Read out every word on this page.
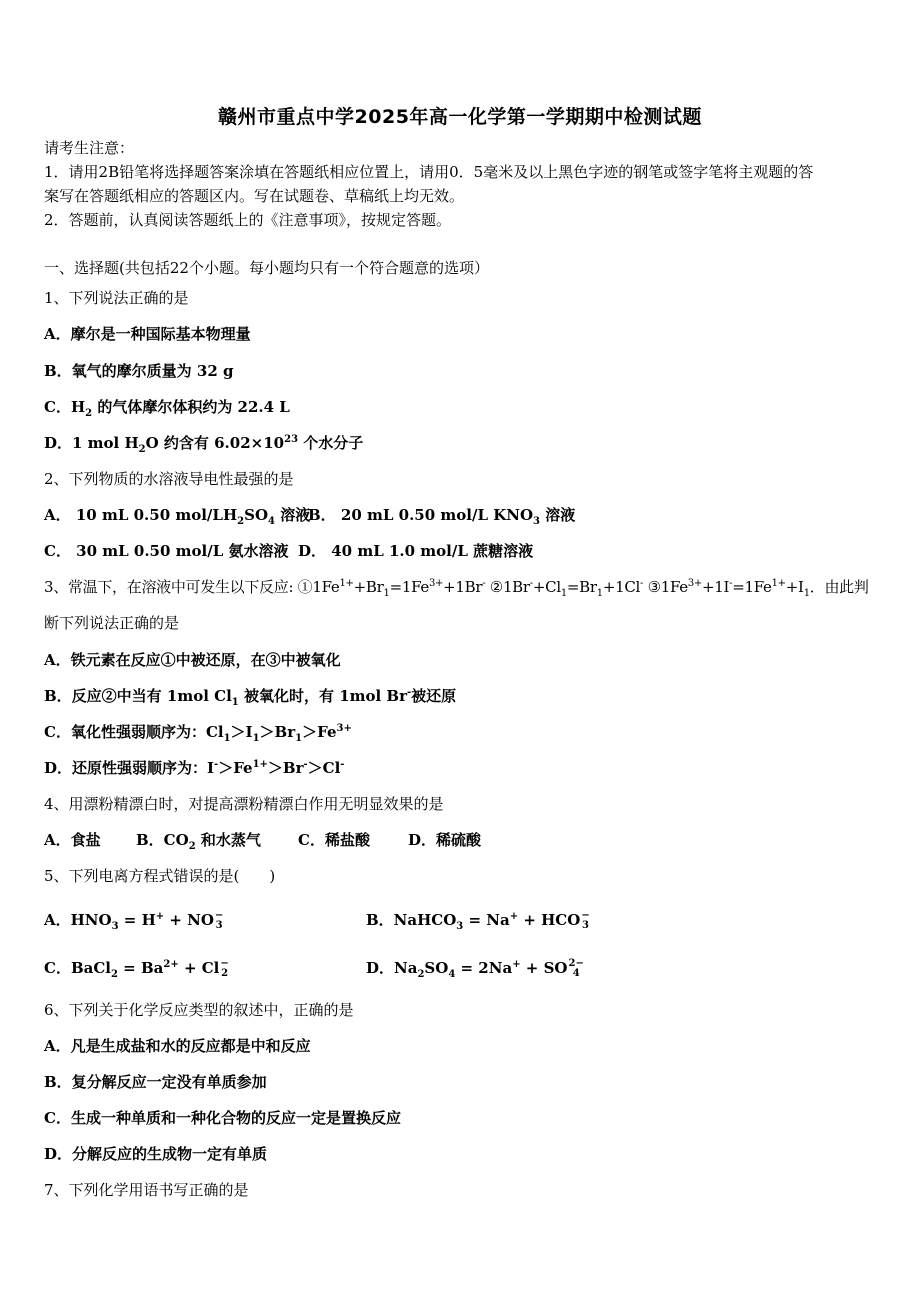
赣州市重点中学2025年高一化学第一学期期中检测试题
请考生注意：
1．请用2B铅笔将选择题答案涂填在答题纸相应位置上，请用0．5毫米及以上黑色字迹的钢笔或签字笔将主观题的答
案写在答题纸相应的答题区内。写在试题卷、草稿纸上均无效。
2．答题前，认真阅读答题纸上的《注意事项》，按规定答题。
一、选择题(共包括22个小题。每小题均只有一个符合题意的选项）
1、下列说法正确的是
A．摩尔是一种国际基本物理量
B．氧气的摩尔质量为 32 g
C．$H_2$ 的气体摩尔体积约为 22.4 L
D．1 mol $H_2O$ 约含有 $6.02\times 10^{23}$ 个水分子
2、下列物质的水溶液导电性最强的是
A． 10 mL 0.50 mol/$LH_2SO_4$ 溶液
B． 20 mL 0.50 mol/L $KNO_3$ 溶液
C． 30 mL 0.50 mol/L 氨水溶液 D． 40 mL 1.0 mol/L 蔗糖溶液
3、常温下，在溶液中可发生以下反应: $①1Fe^{1+}+Br_1=1Fe^{3+}+1Br^-$ $②1Br^-+Cl_1=Br_1+1Cl^-$ $③1Fe^{3+}+1I^-=1Fe^{1+}+I_1$．由此判
断下列说法正确的是
A．铁元素在反应①中被还原，在③中被氧化
B．反应②中当有 1mol $Cl_1$ 被氧化时，有 1mol Br-被还原
C．氧化性强弱顺序为：$Cl_1>I_1>Br_1>Fe^{3+}$
D．还原性强弱顺序为：$I^->Fe^{1+}>Br^->Cl^-$
4、用漂粉精漂白时，对提高漂粉精漂白作用无明显效果的是
A．食盐 B．$CO_2$ 和水蒸气 C．稀盐酸	D．稀硫酸
5、下列电离方程式错误的是(　　)
A．$HNO_3 = H^+$ + NO −
3	B．NaHCO$_3$ = Na+ + HCO −
3
C．BaCl$_2$ = $Ba^{2+} + Cl$ −
2	D．$Na_2SO_4 = 2Na^+$ + SO 2−
4
6、下列关于化学反应类型的叙述中，正确的是
A．凡是生成盐和水的反应都是中和反应
B．复分解反应一定没有单质参加
C．生成一种单质和一种化合物的反应一定是置换反应
D．分解反应的生成物一定有单质
7、下列化学用语书写正确的是
